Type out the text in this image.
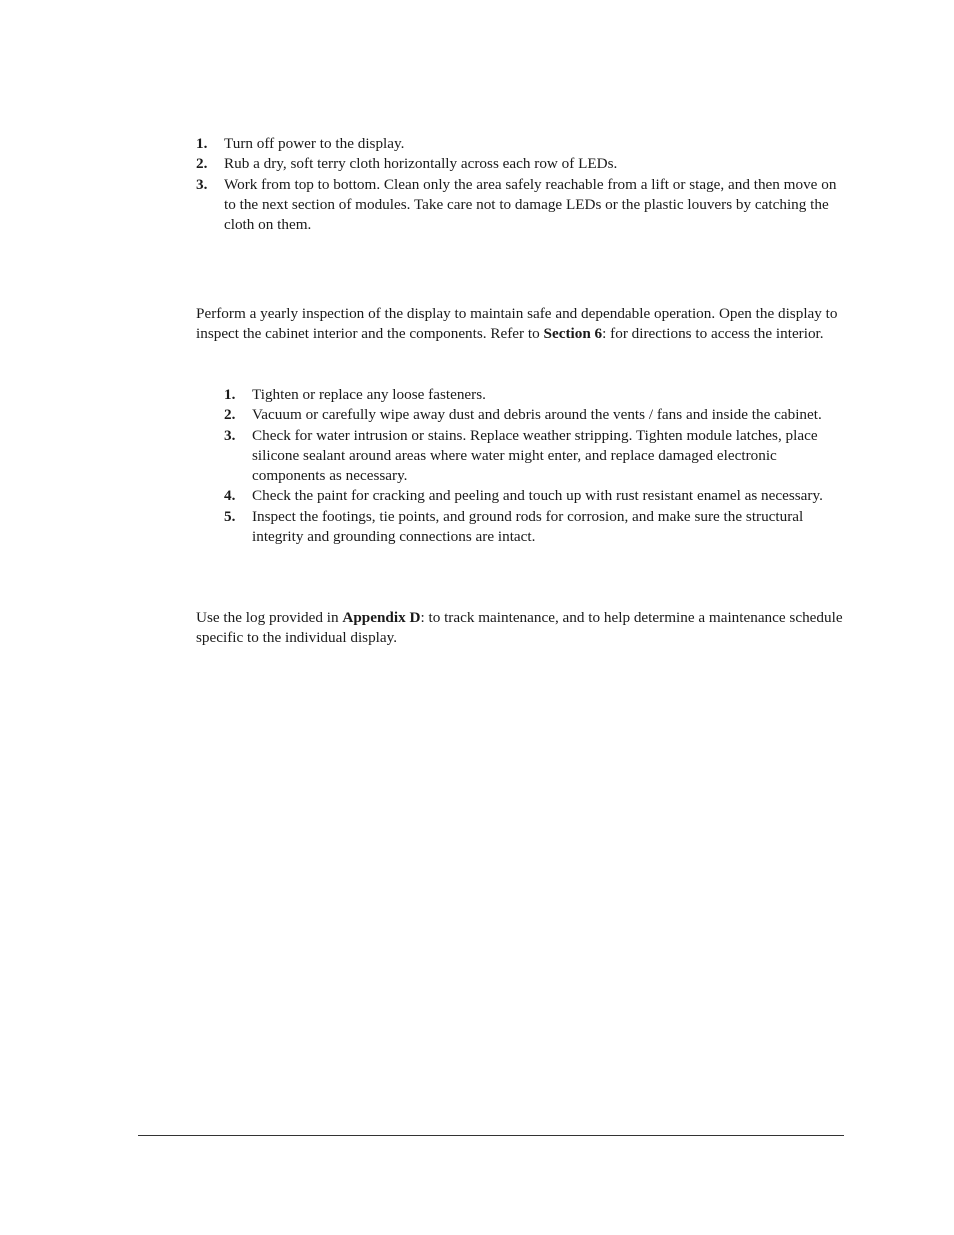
1. Turn off power to the display.
2. Rub a dry, soft terry cloth horizontally across each row of LEDs.
3. Work from top to bottom. Clean only the area safely reachable from a lift or stage, and then move on to the next section of modules. Take care not to damage LEDs or the plastic louvers by catching the cloth on them.

Perform a yearly inspection of the display to maintain safe and dependable operation. Open the display to inspect the cabinet interior and the components. Refer to Section 6: for directions to access the interior.

1. Tighten or replace any loose fasteners.
2. Vacuum or carefully wipe away dust and debris around the vents / fans and inside the cabinet.
3. Check for water intrusion or stains. Replace weather stripping. Tighten module latches, place silicone sealant around areas where water might enter, and replace damaged electronic components as necessary.
4. Check the paint for cracking and peeling and touch up with rust resistant enamel as necessary.
5. Inspect the footings, tie points, and ground rods for corrosion, and make sure the structural integrity and grounding connections are intact.

Use the log provided in Appendix D: to track maintenance, and to help determine a maintenance schedule specific to the individual display.
